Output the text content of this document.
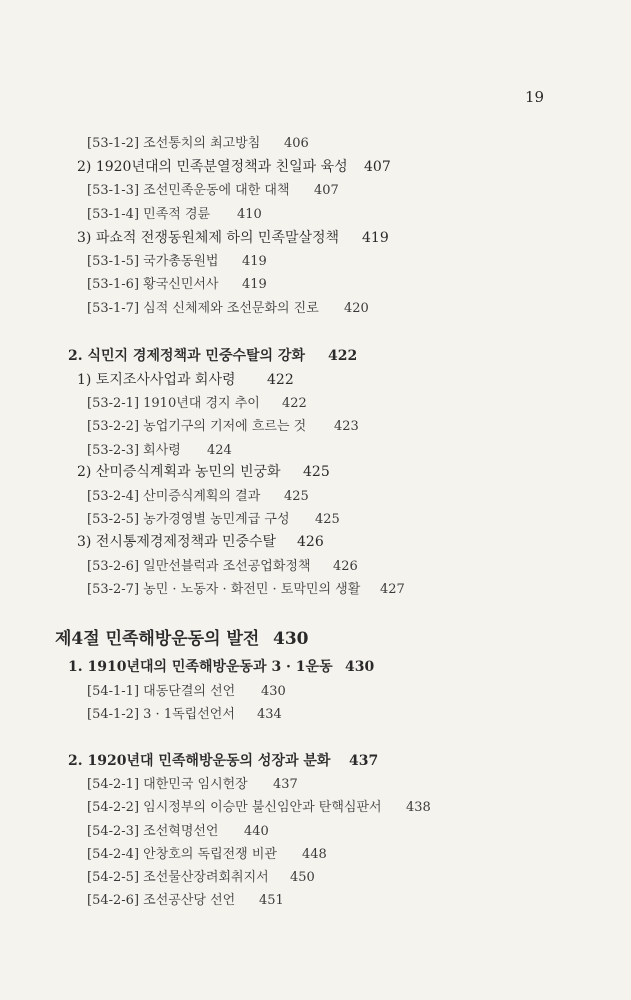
19
[53-1-2] 조선통치의 최고방침 406
2) 1920년대의 민족분열정책과 친일파 육성 407
[53-1-3] 조선민족운동에 대한 대책 407
[53-1-4] 민족적 경륜 410
3) 파쇼적 전쟁동원체제 하의 민족말살정책 419
[53-1-5] 국가총동원법 419
[53-1-6] 황국신민서사 419
[53-1-7] 심적 신체제와 조선문화의 진로 420
2. 식민지 경제정책과 민중수탈의 강화 422
1) 토지조사사업과 회사령 422
[53-2-1] 1910년대 경지 추이 422
[53-2-2] 농업기구의 기저에 흐르는 것 423
[53-2-3] 회사령 424
2) 산미증식계획과 농민의 빈궁화 425
[53-2-4] 산미증식계획의 결과 425
[53-2-5] 농가경영별 농민계급 구성 425
3) 전시통제경제정책과 민중수탈 426
[53-2-6] 일만선블럭과 조선공업화정책 426
[53-2-7] 농민 · 노동자 · 화전민 · 토막민의 생활 427
제4절 민족해방운동의 발전 430
1. 1910년대의 민족해방운동과 3 · 1운동 430
[54-1-1] 대동단결의 선언 430
[54-1-2] 3 · 1독립선언서 434
2. 1920년대 민족해방운동의 성장과 분화 437
[54-2-1] 대한민국 임시헌장 437
[54-2-2] 임시정부의 이승만 불신임안과 탄핵심판서 438
[54-2-3] 조선혁명선언 440
[54-2-4] 안창호의 독립전쟁 비관 448
[54-2-5] 조선물산장려회취지서 450
[54-2-6] 조선공산당 선언 451
